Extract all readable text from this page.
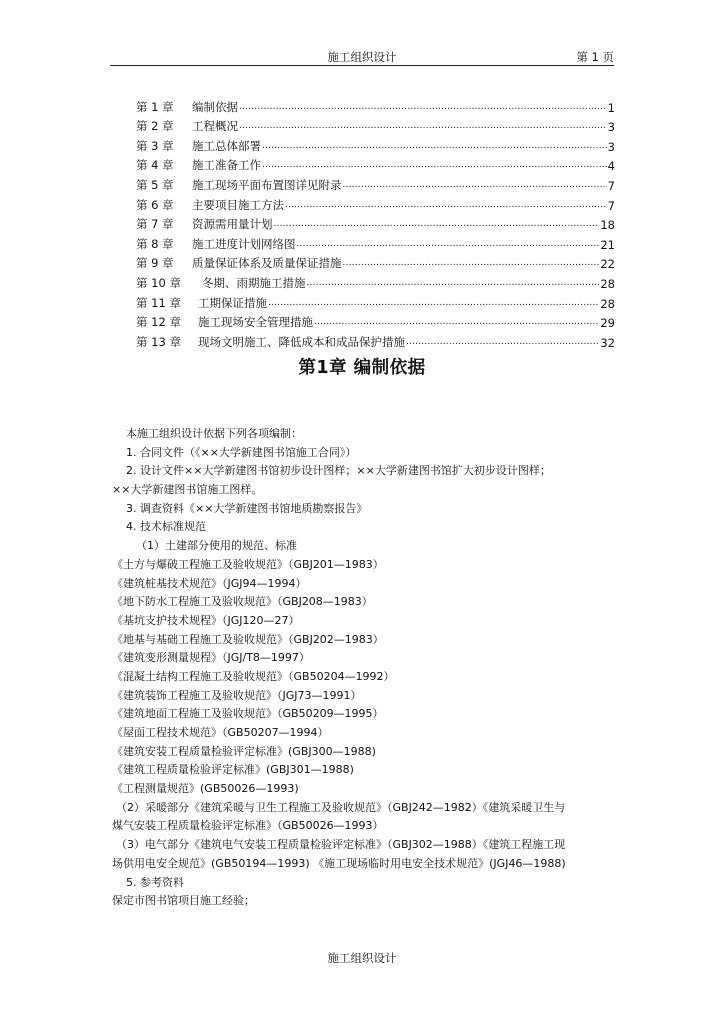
施工组织设计	第 1 页
第 1 章	编制依据 .....	1
第 2 章	工程概况 .....	3
第 3 章	施工总体部署 .....	3
第 4 章	施工准备工作 .....	4
第 5 章	施工现场平面布置图详见附录 .....	7
第 6 章	主要项目施工方法 .....	7
第 7 章	资源需用量计划 .....	18
第 8 章	施工进度计划网络图 .....	21
第 9 章	质量保证体系及质量保证措施 .....	22
第 10 章	冬期、雨期施工措施 .....	28
第 11 章	工期保证措施 .....	28
第 12 章	施工现场安全管理措施 .....	29
第 13 章	现场文明施工、降低成本和成品保护措施 .....	32
第1章 编制依据
本施工组织设计依据下列各项编制：
1. 合同文件（《××大学新建图书馆施工合同》）
2. 设计文件××大学新建图书馆初步设计图样；××大学新建图书馆扩大初步设计图样；
××大学新建图书馆施工图样。
3. 调查资料《××大学新建图书馆地质勘察报告》
4. 技术标准规范
（1）土建部分使用的规范、标准
《土方与爆破工程施工及验收规范》（GBJ201—1983）
《建筑桩基技术规范》（JGJ94—1994）
《地下防水工程施工及验收规范》（GBJ208—1983）
《基坑支护技术规程》（JGJ120—27）
《地基与基础工程施工及验收规范》（GBJ202—1983）
《建筑变形测量规程》（JGJ/T8—1997）
《混凝土结构工程施工及验收规范》（GB50204—1992）
《建筑装饰工程施工及验收规范》（JGJ73—1991）
《建筑地面工程施工及验收规范》（GB50209—1995）
《屋面工程技术规范》（GB50207—1994）
《建筑安装工程质量检验评定标准》(GBJ300—1988)
《建筑工程质量检验评定标准》(GBJ301—1988)
《工程测量规范》(GB50026—1993)
（2）采暖部分《建筑采暖与卫生工程施工及验收规范》（GBJ242—1982）《建筑采暖卫生与
煤气安装工程质量检验评定标准》（GB50026—1993）
（3）电气部分《建筑电气安装工程质量检验评定标准》（GBJ302—1988）《建筑工程施工现
场供用电安全规范》(GB50194—1993) 《施工现场临时用电安全技术规范》(JGJ46—1988)
5. 参考资料
保定市图书馆项目施工经验；
施工组织设计
